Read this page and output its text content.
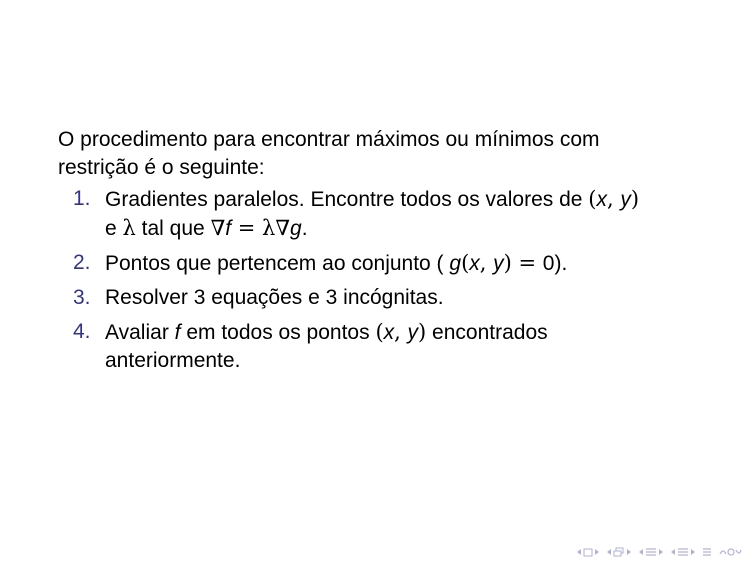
O procedimento para encontrar máximos ou mínimos com
restrição é o seguinte:
1. Gradientes paralelos. Encontre todos os valores de (x, y)
e λ tal que ∇f = λ∇g.
2. Pontos que pertencem ao conjunto ( g(x, y) = 0).
3. Resolver 3 equações e 3 incógnitas.
4. Avaliar f em todos os pontos (x, y) encontrados
anteriormente.
